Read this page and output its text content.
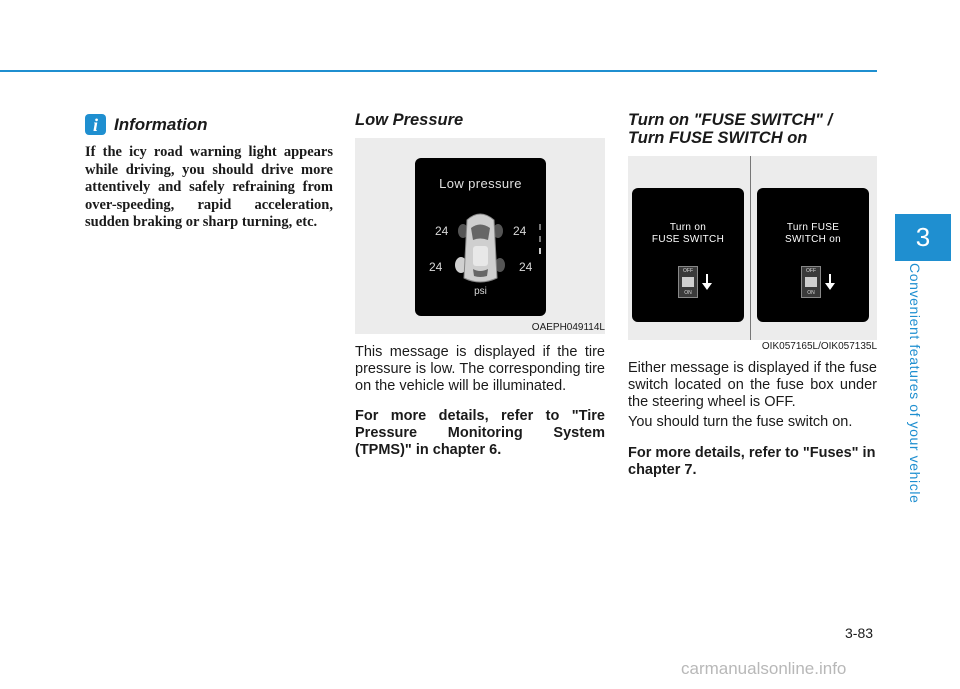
3
Convenient features of your vehicle
i Information
If the icy road warning light appears while driving, you should drive more attentively and safely refraining from over-speeding, rapid acceleration, sudden braking or sharp turning, etc.
Low Pressure
Low pressure
24	24
24	24
psi
OAEPH049114L
This message is displayed if the tire pressure is low. The corresponding tire on the vehicle will be illuminated.
For more details, refer to "Tire Pressure Monitoring System (TPMS)" in chapter 6.
Turn on "FUSE SWITCH" /
Turn FUSE SWITCH on
Turn on
FUSE SWITCH
OFF
ON
Turn FUSE
SWITCH on
OFF
ON
OIK057165L/OIK057135L
Either message is displayed if the fuse switch located on the fuse box under the steering wheel is OFF.
You should turn the fuse switch on.
For more details, refer to "Fuses" in chapter 7.
3-83
carmanualsonline.info
